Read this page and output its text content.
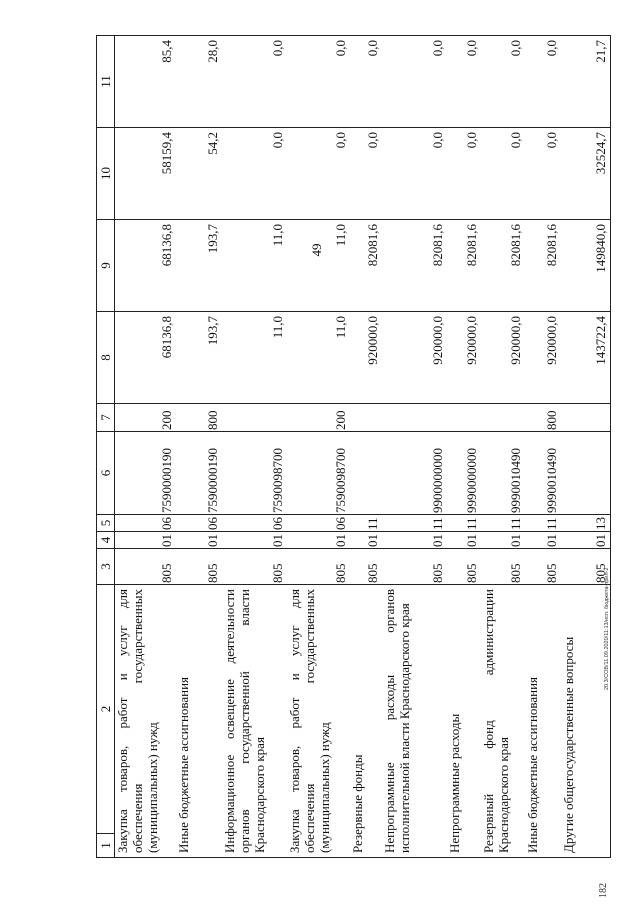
49
1	2	3	4	5	6	7	8	9	10	11
Закупка товаров, работ и услуг для обеспечения государственных (муниципальных) нужд		805	01	06	7590000190	200	68136,8	68136,8	58159,4	85,4
Иные бюджетные ассигнования		805	01	06	7590000190	800	193,7	193,7	54,2	28,0
Информационное освещение деятельности органов государственной власти Краснодарского края		805	01	06	7590098700		11,0	11,0	0,0	0,0
Закупка товаров, работ и услуг для обеспечения государственных (муниципальных) нужд		805	01	06	7590098700	200	11,0	11,0	0,0	0,0
Резервные фонды		805	01	11			920000,0	82081,6	0,0	0,0
Непрограммные расходы органов исполнительной власти Краснодарского края		805	01	11	9900000000		920000,0	82081,6	0,0	0,0
Непрограммные расходы		805	01	11	9990000000		920000,0	82081,6	0,0	0,0
Резервный фонд администрации Краснодарского края		805	01	11	9990010490		920000,0	82081,6	0,0	0,0
Иные бюджетные ассигнования		805	01	11	9990010490	800	920000,0	82081,6	0,0	0,0
Другие общегосударственные вопросы		805	01	13			143722,4	149840,0	32524,7	21,7
20.3/СОВ/11.09.2020/11:13/исп. бюджета-прил-2
182
